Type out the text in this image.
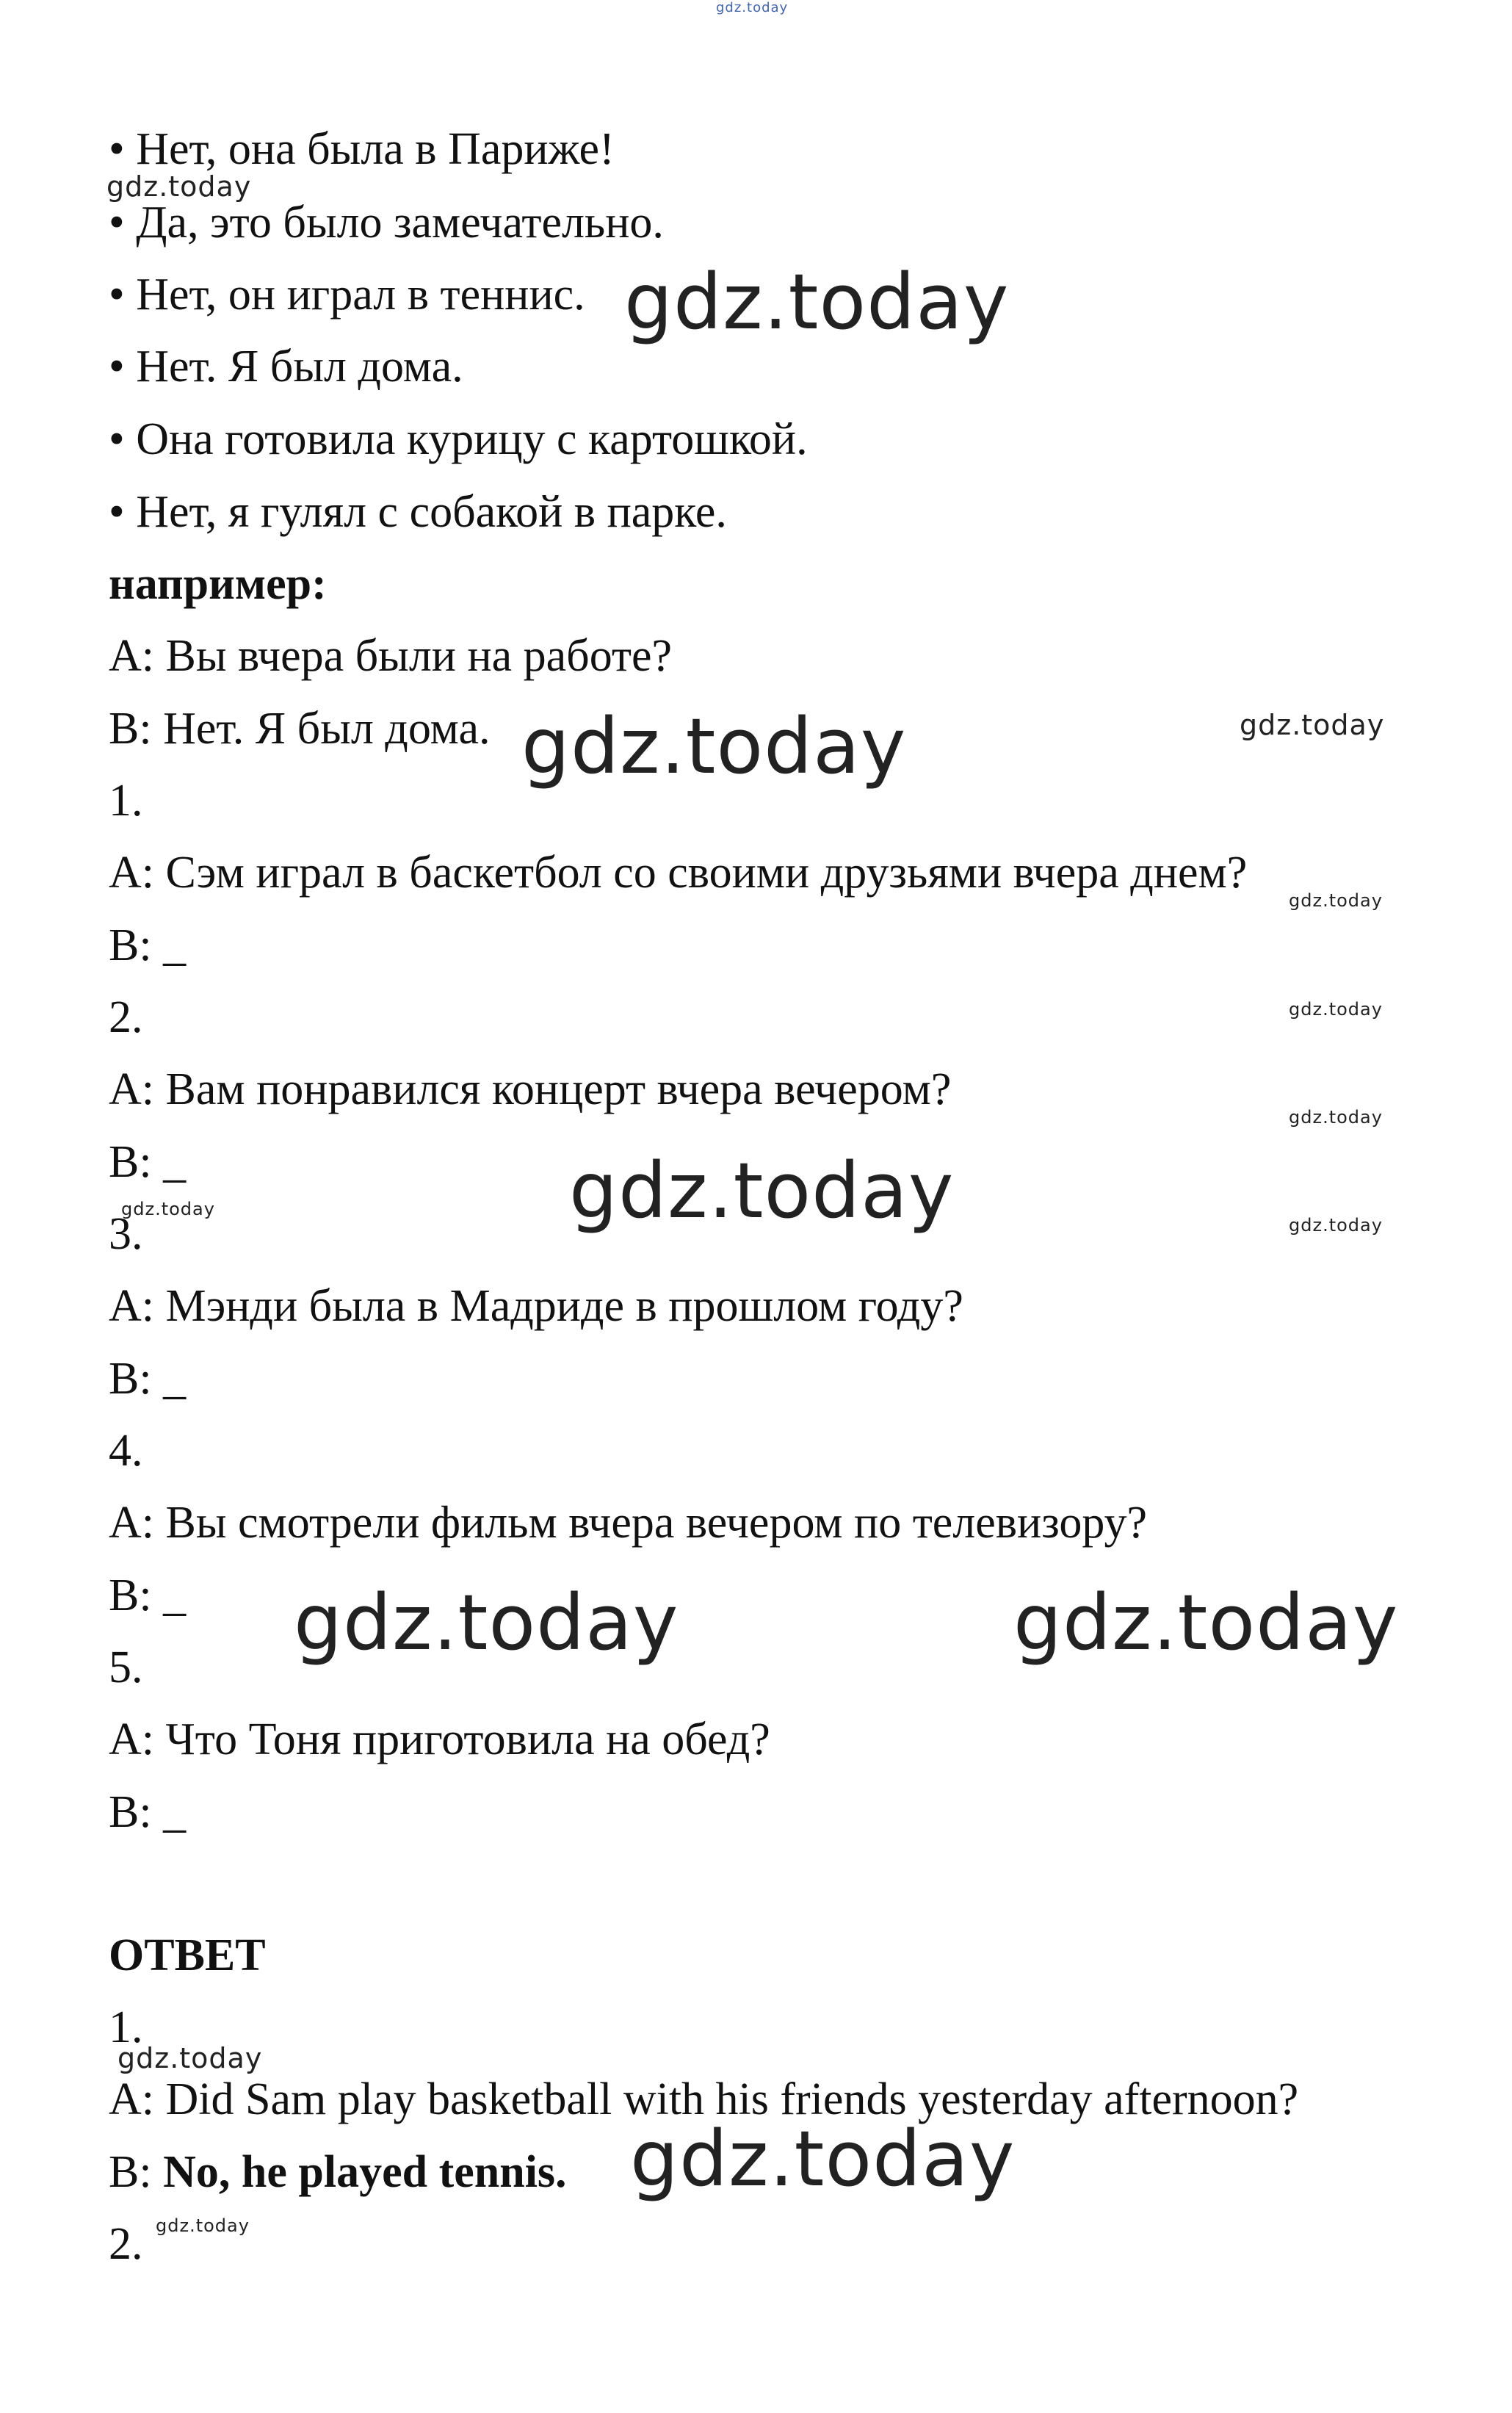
gdz.today
• Нет, она была в Париже!
gdz.today
• Да, это было замечательно.
• Нет, он играл в теннис. gdz.today
• Нет. Я был дома.
• Она готовила курицу с картошкой.
• Нет, я гулял с собакой в парке.
например:
A: Вы вчера были на работе?
B: Нет. Я был дома. gdz.today	gdz.today
1.
A: Сэм играл в баскетбол со своими друзьями вчера днем?
gdz.today
B: _
2.	gdz.today
A: Вам понравился концерт вчера вечером?
gdz.today
B: _	gdz.today
gdz.today
gdz.today
3.
A: Мэнди была в Мадриде в прошлом году?
B: _
4.
A: Вы смотрели фильм вчера вечером по телевизору?
B: _ gdz.today	gdz.today
5.
A: Что Тоня приготовила на обед?
B: _
ОТВЕТ
1.
gdz.today
A: Did Sam play basketball with his friends yesterday afternoon?
B: No, he played tennis. gdz.today
2. gdz.today
